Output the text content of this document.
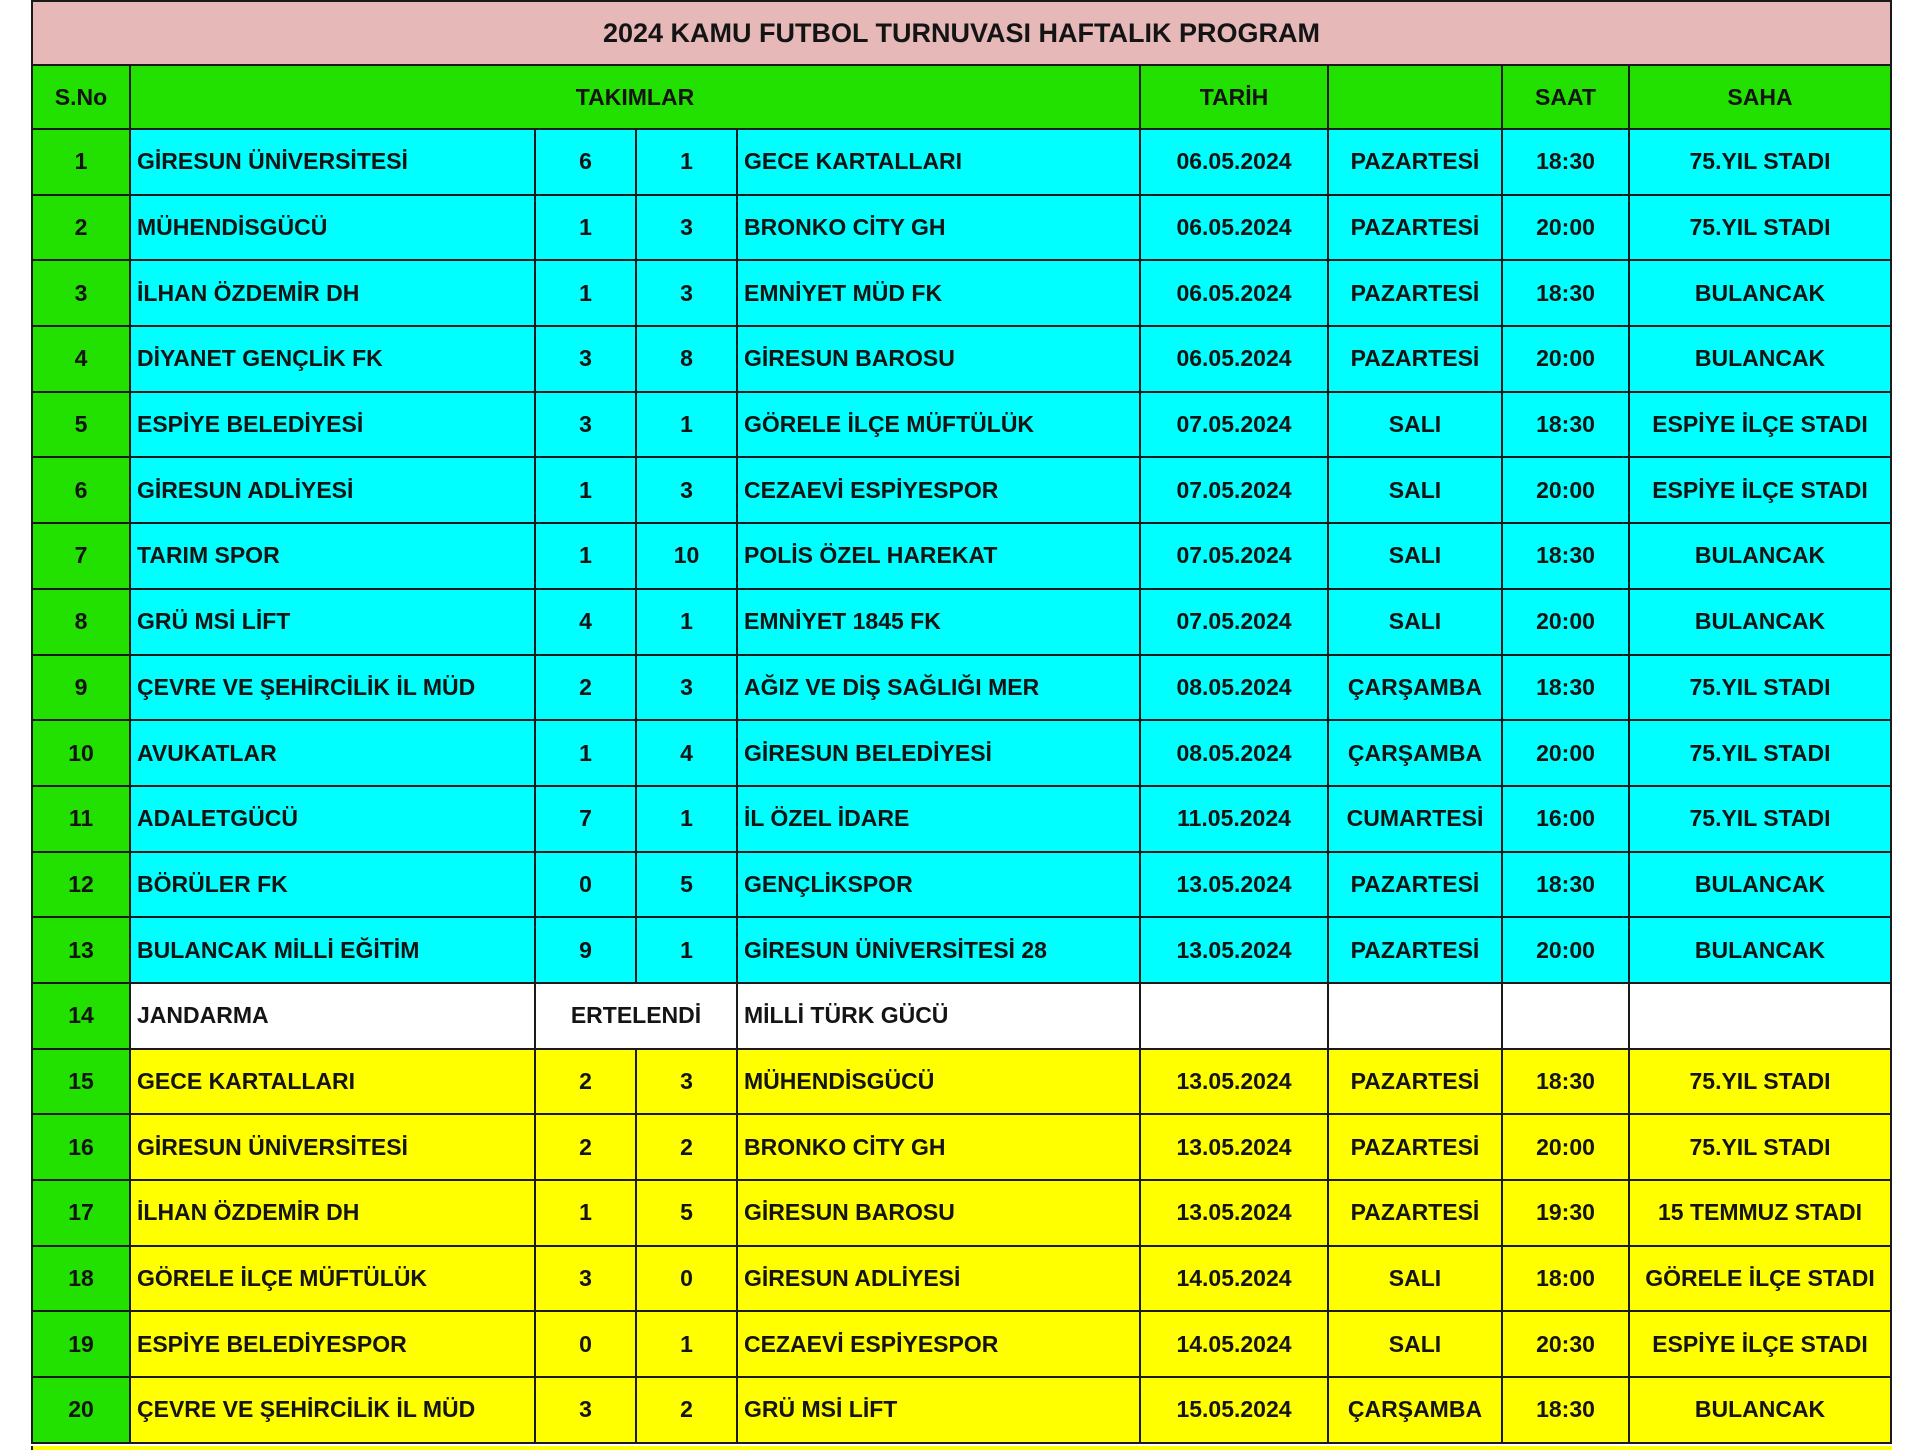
2024 KAMU FUTBOL TURNUVASI HAFTALIK PROGRAM								
S.No	TAKIMLAR				TARİH		SAAT	SAHA
1	GİRESUN ÜNİVERSİTESİ	6	1	GECE KARTALLARI	06.05.2024	PAZARTESİ	18:30	75.YIL STADI
2	MÜHENDİSGÜCÜ	1	3	BRONKO CİTY GH	06.05.2024	PAZARTESİ	20:00	75.YIL STADI
3	İLHAN ÖZDEMİR DH	1	3	EMNİYET MÜD FK	06.05.2024	PAZARTESİ	18:30	BULANCAK
4	DİYANET GENÇLİK FK	3	8	GİRESUN BAROSU	06.05.2024	PAZARTESİ	20:00	BULANCAK
5	ESPİYE BELEDİYESİ	3	1	GÖRELE İLÇE MÜFTÜLÜK	07.05.2024	SALI	18:30	ESPİYE İLÇE STADI
6	GİRESUN ADLİYESİ	1	3	CEZAEVİ ESPİYESPOR	07.05.2024	SALI	20:00	ESPİYE İLÇE STADI
7	TARIM SPOR	1	10	POLİS ÖZEL HAREKAT	07.05.2024	SALI	18:30	BULANCAK
8	GRÜ MSİ LİFT	4	1	EMNİYET 1845 FK	07.05.2024	SALI	20:00	BULANCAK
9	ÇEVRE VE ŞEHİRCİLİK İL MÜD	2	3	AĞIZ VE DİŞ SAĞLIĞI MER	08.05.2024	ÇARŞAMBA	18:30	75.YIL STADI
10	AVUKATLAR	1	4	GİRESUN BELEDİYESİ	08.05.2024	ÇARŞAMBA	20:00	75.YIL STADI
11	ADALETGÜCÜ	7	1	İL ÖZEL İDARE	11.05.2024	CUMARTESİ	16:00	75.YIL STADI
12	BÖRÜLER FK	0	5	GENÇLİKSPOR	13.05.2024	PAZARTESİ	18:30	BULANCAK
13	BULANCAK MİLLİ EĞİTİM	9	1	GİRESUN ÜNİVERSİTESİ 28	13.05.2024	PAZARTESİ	20:00	BULANCAK
14	JANDARMA	ERTELENDİ		MİLLİ TÜRK GÜCÜ				
15	GECE KARTALLARI	2	3	MÜHENDİSGÜCÜ	13.05.2024	PAZARTESİ	18:30	75.YIL STADI
16	GİRESUN ÜNİVERSİTESİ	2	2	BRONKO CİTY GH	13.05.2024	PAZARTESİ	20:00	75.YIL STADI
17	İLHAN ÖZDEMİR DH	1	5	GİRESUN BAROSU	13.05.2024	PAZARTESİ	19:30	15 TEMMUZ STADI
18	GÖRELE İLÇE MÜFTÜLÜK	3	0	GİRESUN ADLİYESİ	14.05.2024	SALI	18:00	GÖRELE İLÇE STADI
19	ESPİYE BELEDİYESPOR	0	1	CEZAEVİ ESPİYESPOR	14.05.2024	SALI	20:30	ESPİYE İLÇE STADI
20	ÇEVRE VE ŞEHİRCİLİK İL MÜD	3	2	GRÜ MSİ LİFT	15.05.2024	ÇARŞAMBA	18:30	BULANCAK
